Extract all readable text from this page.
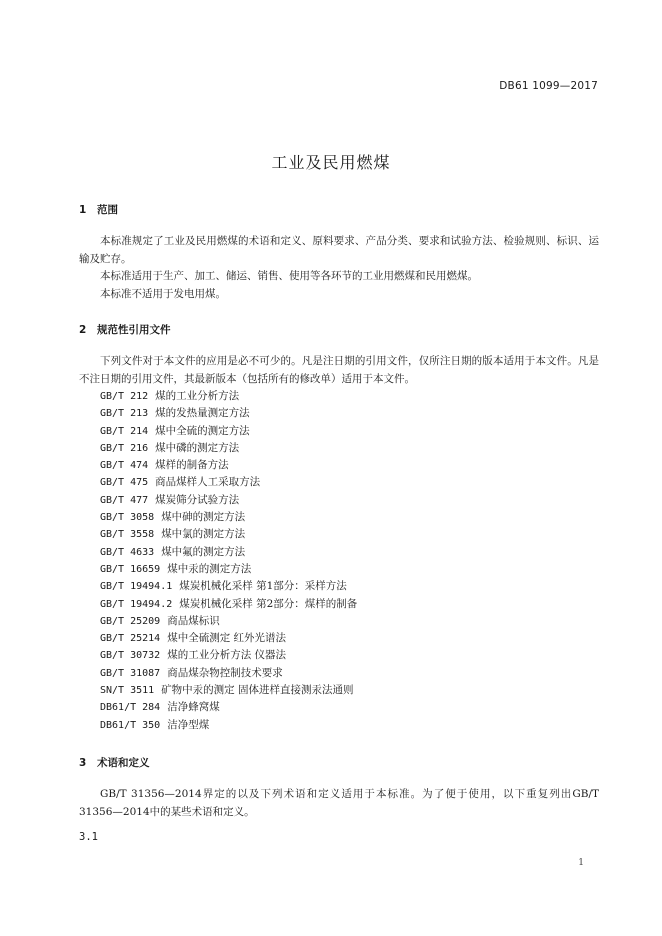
DB61 1099—2017
工业及民用燃煤
1 范围
本标准规定了工业及民用燃煤的术语和定义、原料要求、产品分类、要求和试验方法、检验规则、标识、运输及贮存。
本标准适用于生产、加工、储运、销售、使用等各环节的工业用燃煤和民用燃煤。
本标准不适用于发电用煤。
2 规范性引用文件
下列文件对于本文件的应用是必不可少的。凡是注日期的引用文件，仅所注日期的版本适用于本文件。凡是不注日期的引用文件，其最新版本（包括所有的修改单）适用于本文件。
GB/T 212 煤的工业分析方法
GB/T 213 煤的发热量测定方法
GB/T 214 煤中全硫的测定方法
GB/T 216 煤中磷的测定方法
GB/T 474 煤样的制备方法
GB/T 475 商品煤样人工采取方法
GB/T 477 煤炭筛分试验方法
GB/T 3058 煤中砷的测定方法
GB/T 3558 煤中氯的测定方法
GB/T 4633 煤中氟的测定方法
GB/T 16659 煤中汞的测定方法
GB/T 19494.1 煤炭机械化采样 第1部分：采样方法
GB/T 19494.2 煤炭机械化采样 第2部分：煤样的制备
GB/T 25209 商品煤标识
GB/T 25214 煤中全硫测定 红外光谱法
GB/T 30732 煤的工业分析方法 仪器法
GB/T 31087 商品煤杂物控制技术要求
SN/T 3511 矿物中汞的测定 固体进样直接测汞法通则
DB61/T 284 洁净蜂窝煤
DB61/T 350 洁净型煤
3 术语和定义
GB/T 31356—2014界定的以及下列术语和定义适用于本标准。为了便于使用，以下重复列出GB/T 31356—2014中的某些术语和定义。
3.1
1
